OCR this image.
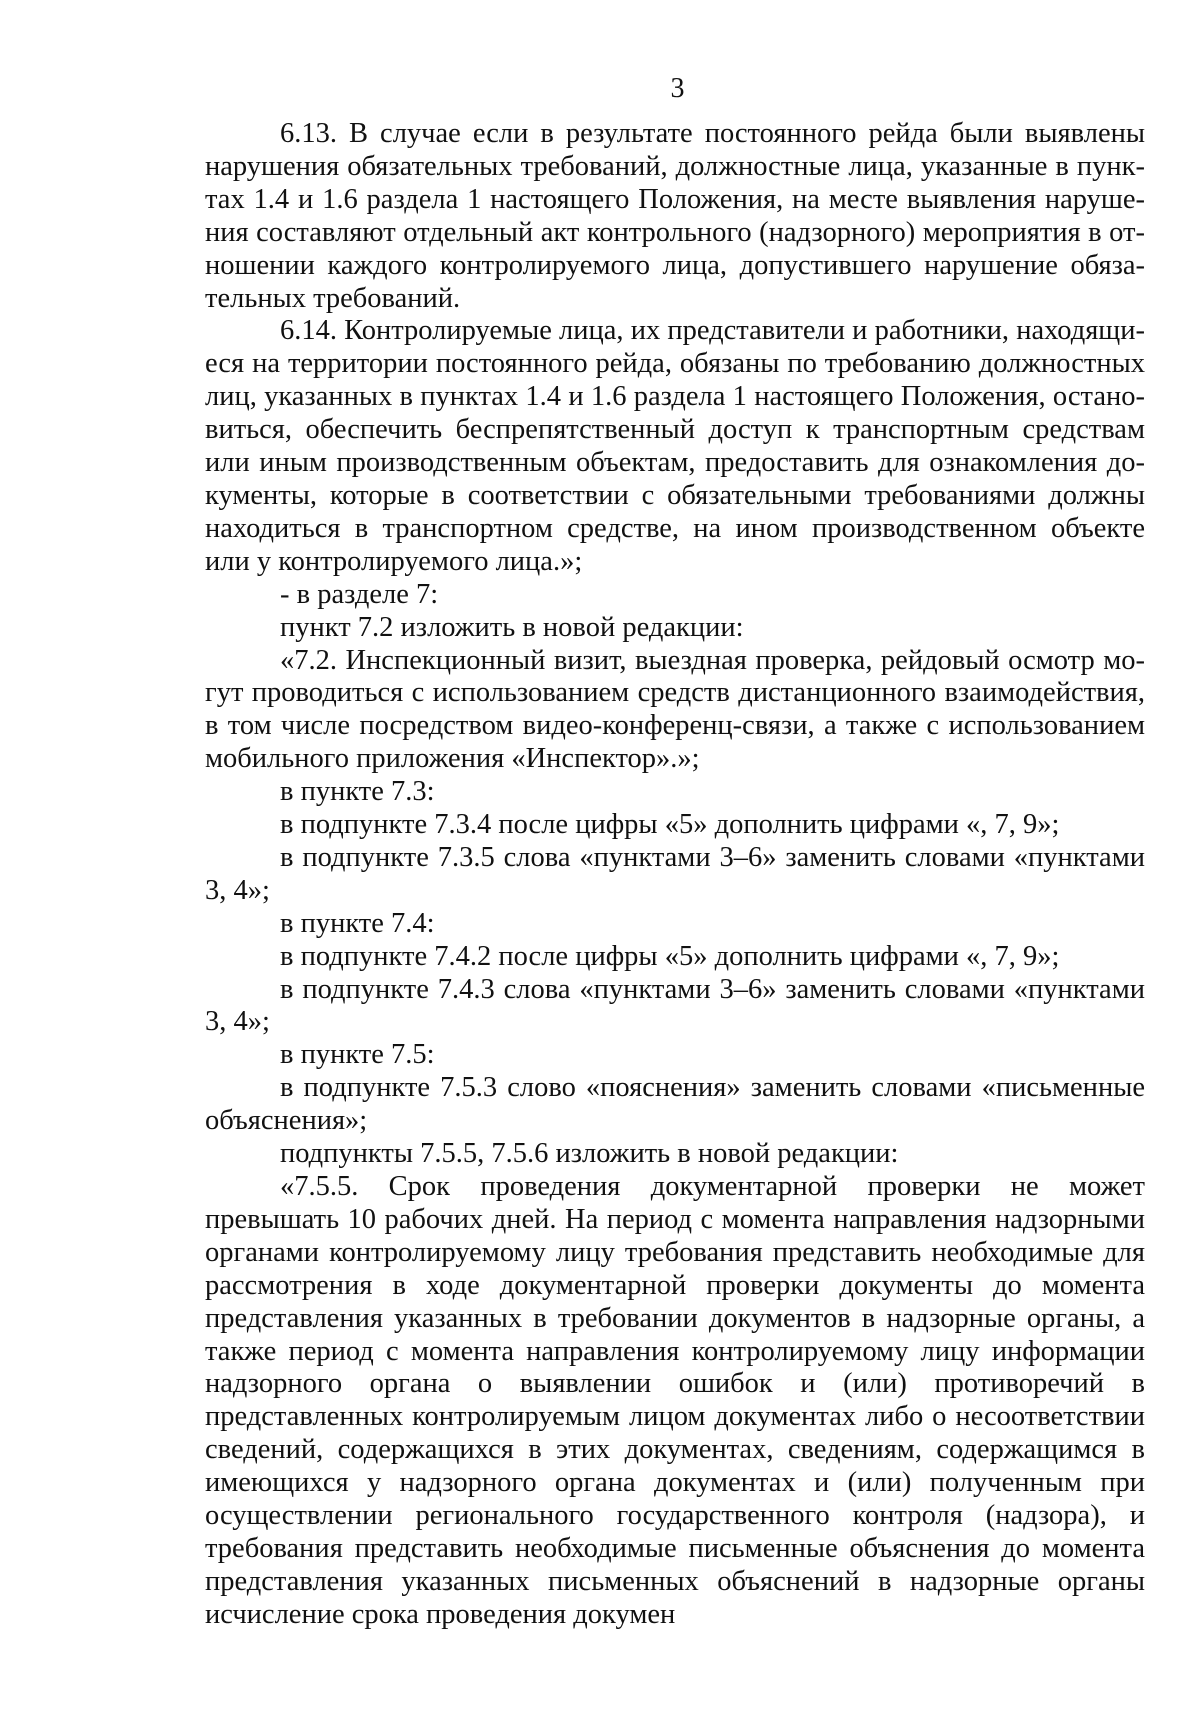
3

6.13. В случае если в результате постоянного рейда были выявлены нарушения обязательных требований, должностные лица, указанные в пунктах 1.4 и 1.6 раздела 1 настоящего Положения, на месте выявления нарушения составляют отдельный акт контрольного (надзорного) мероприятия в отношении каждого контролируемого лица, допустившего нарушение обязательных требований.

6.14. Контролируемые лица, их представители и работники, находящиеся на территории постоянного рейда, обязаны по требованию должностных лиц, указанных в пунктах 1.4 и 1.6 раздела 1 настоящего Положения, остановиться, обеспечить беспрепятственный доступ к транспортным средствам или иным производственным объектам, предоставить для ознакомления документы, которые в соответствии с обязательными требованиями должны находиться в транспортном средстве, на ином производственном объекте или у контролируемого лица.»;

- в разделе 7:

пункт 7.2 изложить в новой редакции:

«7.2. Инспекционный визит, выездная проверка, рейдовый осмотр могут проводиться с использованием средств дистанционного взаимодействия, в том числе посредством видео-конференц-связи, а также с использованием мобильного приложения «Инспектор».»;

в пункте 7.3:

в подпункте 7.3.4 после цифры «5» дополнить цифрами «, 7, 9»;

в подпункте 7.3.5 слова «пунктами 3–6» заменить словами «пунктами 3, 4»;

в пункте 7.4:

в подпункте 7.4.2 после цифры «5» дополнить цифрами «, 7, 9»;

в подпункте 7.4.3 слова «пунктами 3–6» заменить словами «пунктами 3, 4»;

в пункте 7.5:

в подпункте 7.5.3 слово «пояснения» заменить словами «письменные объяснения»;

подпункты 7.5.5, 7.5.6 изложить в новой редакции:

«7.5.5. Срок проведения документарной проверки не может превышать 10 рабочих дней. На период с момента направления надзорными органами контролируемому лицу требования представить необходимые для рассмотрения в ходе документарной проверки документы до момента представления указанных в требовании документов в надзорные органы, а также период с момента направления контролируемому лицу информации надзорного органа о выявлении ошибок и (или) противоречий в представленных контролируемым лицом документах либо о несоответствии сведений, содержащихся в этих документах, сведениям, содержащимся в имеющихся у надзорного органа документах и (или) полученным при осуществлении регионального государственного контроля (надзора), и требования представить необходимые письменные объяснения до момента представления указанных письменных объяснений в надзорные органы исчисление срока проведения докумен
